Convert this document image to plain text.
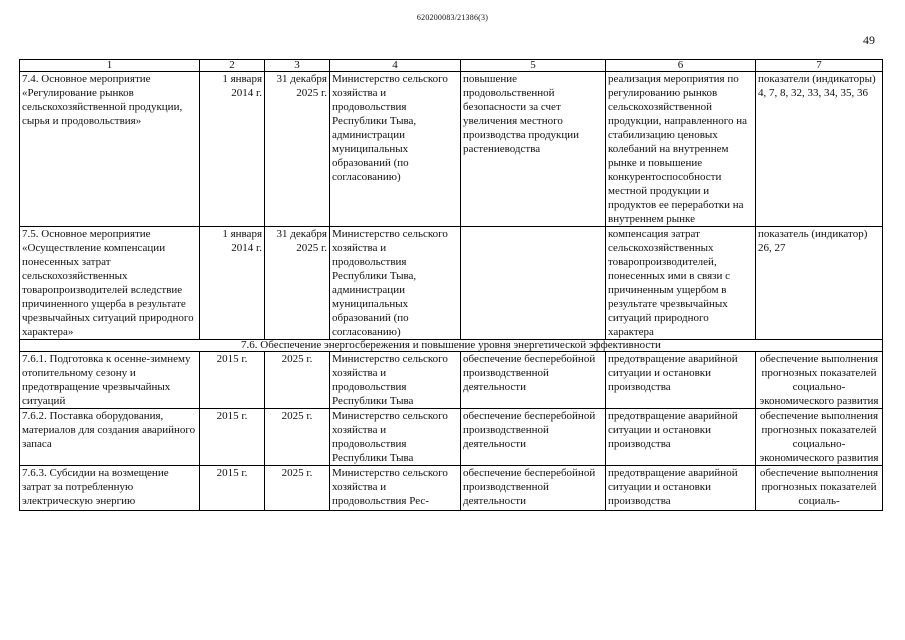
620200083/21386(3)
49
1	2	3	4	5	6	7
7.4. Основное мероприятие «Регулирование рынков сельскохозяйственной продукции, сырья и продовольствия»	1 января 2014 г.	31 декабря 2025 г.	Министерство сельского хозяйства и продовольствия Республики Тыва, администрации муниципальных образований (по согласованию)	повышение продовольственной безопасности за счет увеличения местного производства продукции растениеводства	реализация мероприятия по регулированию рынков сельскохозяйственной продукции, направленного на стабилизацию ценовых колебаний на внутреннем рынке и повышение конкурентоспособности местной продукции и продуктов ее переработки на внутреннем рынке	показатели (индикаторы) 4, 7, 8, 32, 33, 34, 35, 36
7.5. Основное мероприятие «Осуществление компенсации понесенных затрат сельскохозяйственных товаропроизводителей вследствие причиненного ущерба в результате чрезвычайных ситуаций природного характера»	1 января 2014 г.	31 декабря 2025 г.	Министерство сельского хозяйства и продовольствия Республики Тыва, администрации муниципальных образований (по согласованию)		компенсация затрат сельскохозяйственных товаропроизводителей, понесенных ими в связи с причиненным ущербом в результате чрезвычайных ситуаций природного характера	показатель (индикатор) 26, 27
7.6. Обеспечение энергосбережения и повышение уровня энергетической эффективности						
7.6.1. Подготовка к осенне-зимнему отопительному сезону и предотвращение чрезвычайных ситуаций	2015 г.	2025 г.	Министерство сельского хозяйства и продовольствия Республики Тыва	обеспечение бесперебойной производственной деятельности	предотвращение аварийной ситуации и остановки производства	обеспечение выполнения прогнозных показателей социально-экономического развития
7.6.2. Поставка оборудования, материалов для создания аварийного запаса	2015 г.	2025 г.	Министерство сельского хозяйства и продовольствия Республики Тыва	обеспечение бесперебойной производственной деятельности	предотвращение аварийной ситуации и остановки производства	обеспечение выполнения прогнозных показателей социально-экономического развития
7.6.3. Субсидии на возмещение затрат за потребленную электрическую энергию	2015 г.	2025 г.	Министерство сельского хозяйства и продовольствия Рес-	обеспечение бесперебойной производственной деятельности	предотвращение аварийной ситуации и остановки производства	обеспечение выполнения прогнозных показателей социаль-
